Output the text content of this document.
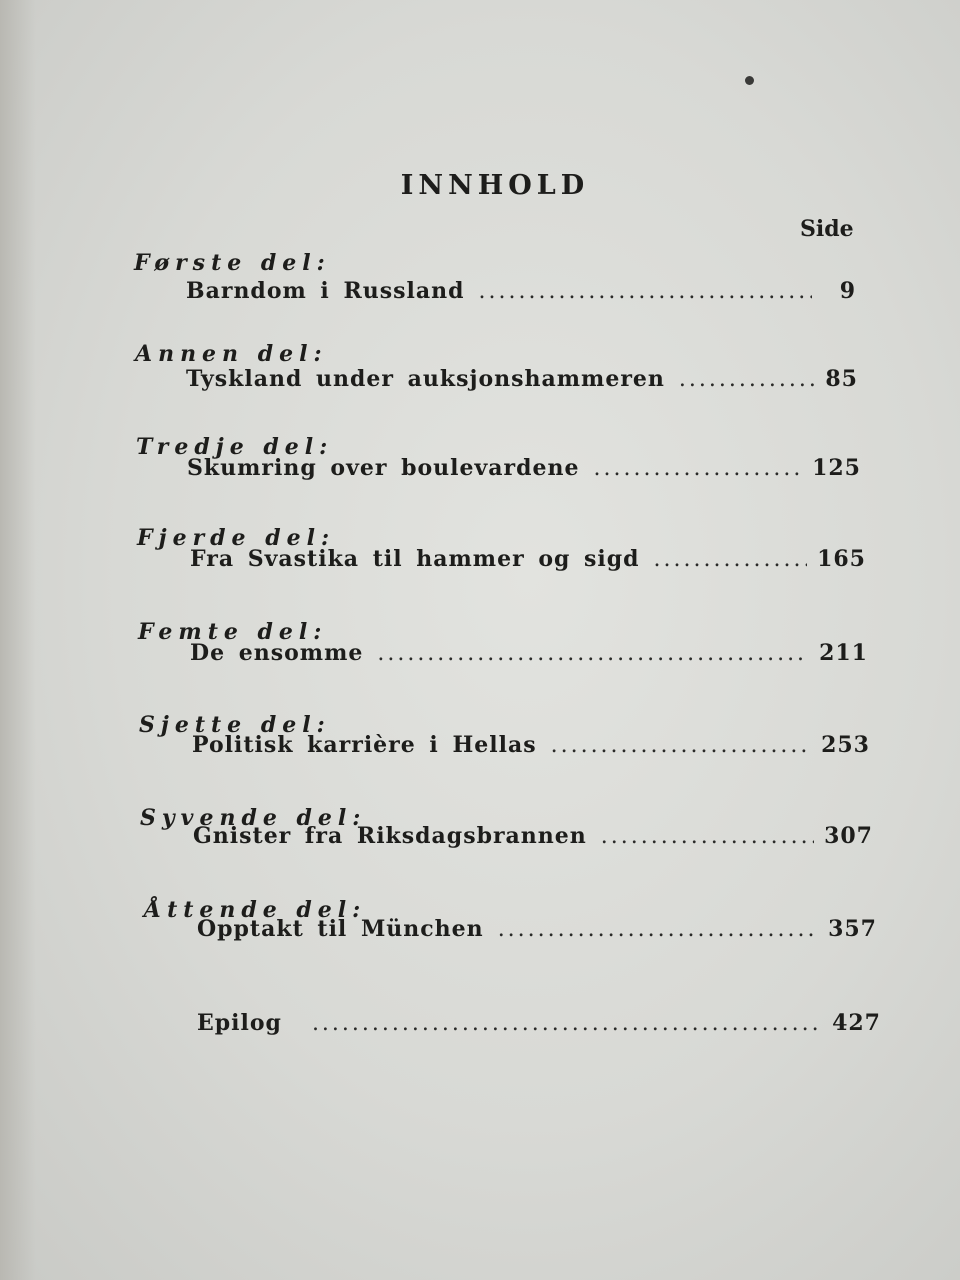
INNHOLD
Side
Første del:
Barndom i Russland .....	9
Annen del:
Tyskland under auksjonshammeren .....	85
Tredje del:
Skumring over boulevardene .....	125
Fjerde del:
Fra Svastika til hammer og sigd .....	165
Femte del:
De ensomme .....	211
Sjette del:
Politisk karrière i Hellas .....	253
Syvende del:
Gnister fra Riksdagsbrannen .....	307
Åttende del:
Opptakt til München .....	357
Epilog .....	427
